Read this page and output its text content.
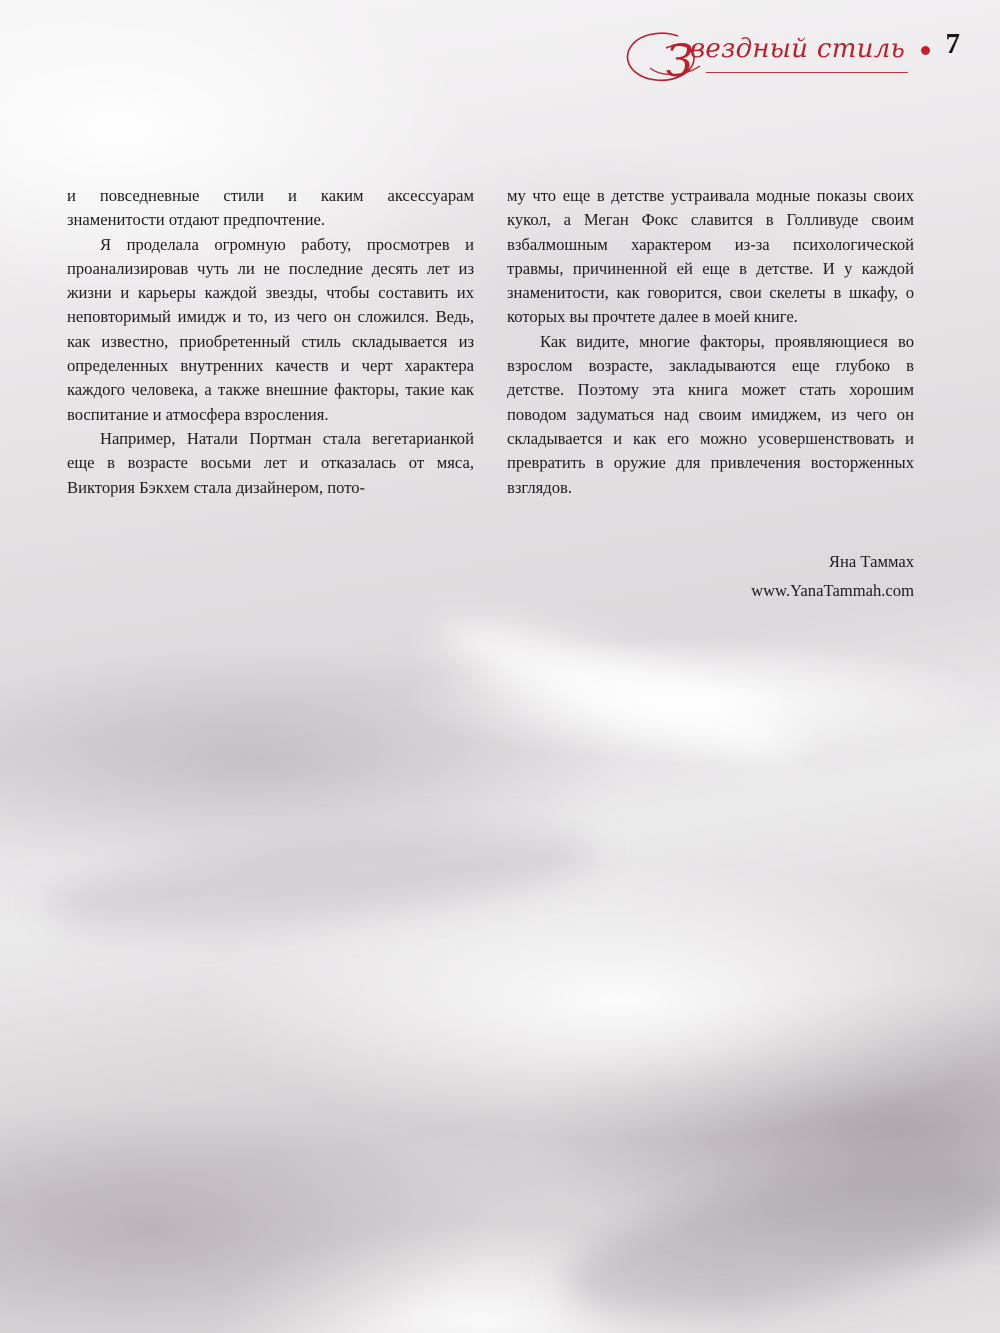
З
вездный стиль 7

и повседневные стили и каким аксессуарам знаменитости отдают предпочтение.

Я проделала огромную работу, просмотрев и проанализировав чуть ли не последние десять лет из жизни и карьеры каждой звезды, чтобы составить их неповторимый имидж и то, из чего он сложился. Ведь, как известно, приобретенный стиль складывается из определенных внутренних качеств и черт характера каждого человека, а также внешние факторы, такие как воспитание и атмосфера взросления.

Например, Натали Портман стала вегетарианкой еще в возрасте восьми лет и отказалась от мяса, Виктория Бэкхем стала дизайнером, пото-

му что еще в детстве устраивала модные показы своих кукол, а Меган Фокс славится в Голливуде своим взбалмошным характером из-за психологической травмы, причиненной ей еще в детстве. И у каждой знаменитости, как говорится, свои скелеты в шкафу, о которых вы прочтете далее в моей книге.

Как видите, многие факторы, проявляющиеся во взрослом возрасте, закладываются еще глубоко в детстве. Поэтому эта книга может стать хорошим поводом задуматься над своим имиджем, из чего он складывается и как его можно усовершенствовать и превратить в оружие для привлечения восторженных взглядов.

Яна Таммах
www.YanaTammah.com
